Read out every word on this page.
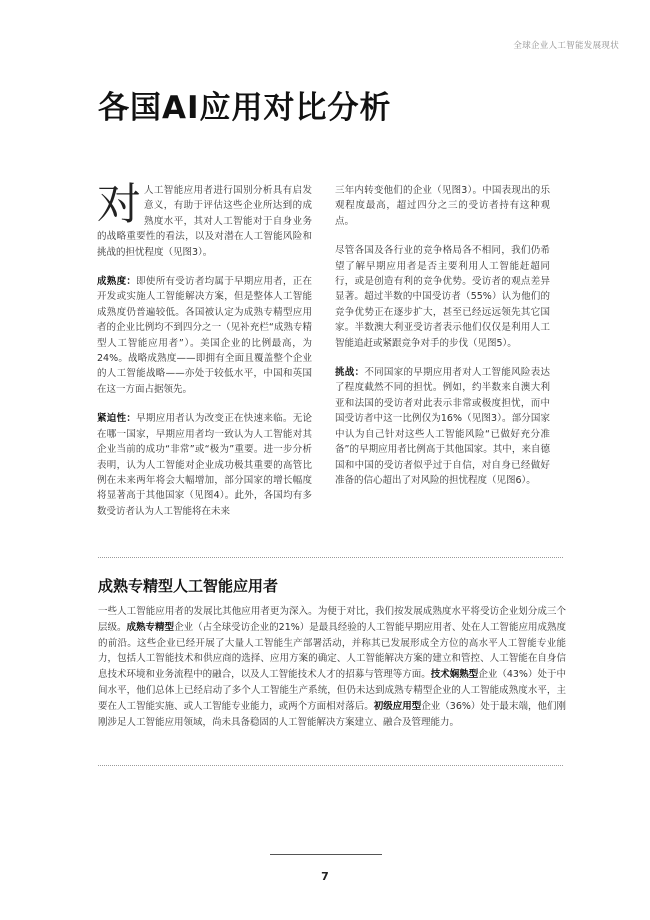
全球企业人工智能发展现状
各国AI应用对比分析

对 人工智能应用者进行国别分析具有启发意义，有助于评估这些企业所达到的成熟度水平，其对人工智能对于自身业务的战略重要性的看法，以及对潜在人工智能风险和挑战的担忧程度（见图3）。

成熟度：即使所有受访者均属于早期应用者，正在开发或实施人工智能解决方案，但是整体人工智能成熟度仍普遍较低。各国被认定为成熟专精型应用者的企业比例均不到四分之一（见补充栏“成熟专精型人工智能应用者”）。美国企业的比例最高，为24%。战略成熟度——即拥有全面且覆盖整个企业的人工智能战略——亦处于较低水平，中国和英国在这一方面占据领先。

紧迫性：早期应用者认为改变正在快速来临。无论在哪一国家，早期应用者均一致认为人工智能对其企业当前的成功“非常”或“极为”重要。进一步分析表明，认为人工智能对企业成功极其重要的高管比例在未来两年将会大幅增加，部分国家的增长幅度将显著高于其他国家（见图4）。此外，各国均有多数受访者认为人工智能将在未来

三年内转变他们的企业（见图3）。中国表现出的乐观程度最高，超过四分之三的受访者持有这种观点。

尽管各国及各行业的竞争格局各不相同，我们仍希望了解早期应用者是否主要利用人工智能赶超同行，或是创造有利的竞争优势。受访者的观点差异显著。超过半数的中国受访者（55%）认为他们的竞争优势正在逐步扩大，甚至已经远远领先其它国家。半数澳大利亚受访者表示他们仅仅是利用人工智能追赶或紧跟竞争对手的步伐（见图5）。

挑战：不同国家的早期应用者对人工智能风险表达了程度截然不同的担忧。例如，约半数来自澳大利亚和法国的受访者对此表示非常或极度担忧，而中国受访者中这一比例仅为16%（见图3）。部分国家中认为自己针对这些人工智能风险“已做好充分准备”的早期应用者比例高于其他国家。其中，来自德国和中国的受访者似乎过于自信，对自身已经做好准备的信心超出了对风险的担忧程度（见图6）。

成熟专精型人工智能应用者

一些人工智能应用者的发展比其他应用者更为深入。为便于对比，我们按发展成熟度水平将受访企业划分成三个层级。成熟专精型企业（占全球受访企业的21%）是最具经验的人工智能早期应用者、处在人工智能应用成熟度的前沿。这些企业已经开展了大量人工智能生产部署活动，并称其已发展形成全方位的高水平人工智能专业能力，包括人工智能技术和供应商的选择、应用方案的确定、人工智能解决方案的建立和管控、人工智能在自身信息技术环境和业务流程中的融合，以及人工智能技术人才的招募与管理等方面。技术娴熟型企业（43%）处于中间水平，他们总体上已经启动了多个人工智能生产系统，但仍未达到成熟专精型企业的人工智能成熟度水平，主要在人工智能实施、或人工智能专业能力，或两个方面相对落后。初级应用型企业（36%）处于最末端，他们刚刚涉足人工智能应用领域，尚未具备稳固的人工智能解决方案建立、融合及管理能力。

7
